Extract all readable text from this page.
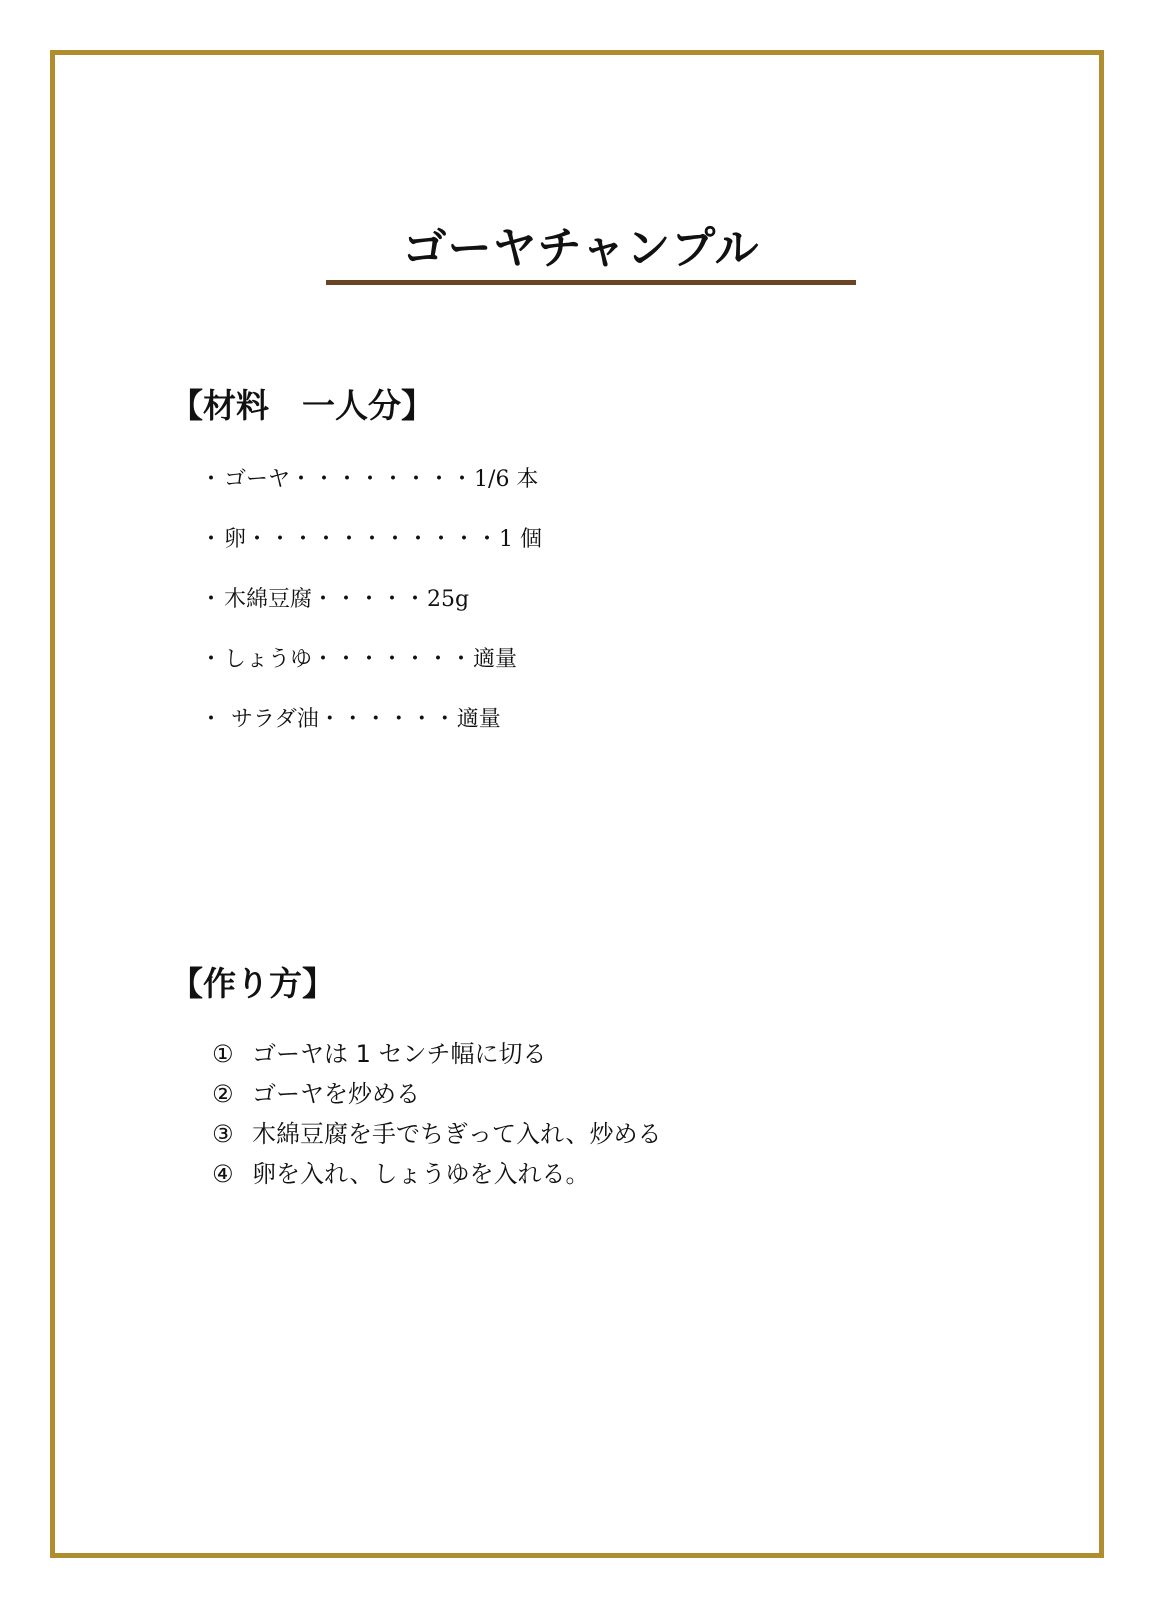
ゴーヤチャンプル
【材料　一人分】
・ゴーヤ・・・・・・・・1/6 本
・卵・・・・・・・・・・・1 個
・木綿豆腐・・・・・25g
・しょうゆ・・・・・・・適量
・ サラダ油・・・・・・適量
【作り方】
① ゴーヤは 1 センチ幅に切る
② ゴーヤを炒める
③ 木綿豆腐を手でちぎって入れ、炒める
④ 卵を入れ、しょうゆを入れる。
